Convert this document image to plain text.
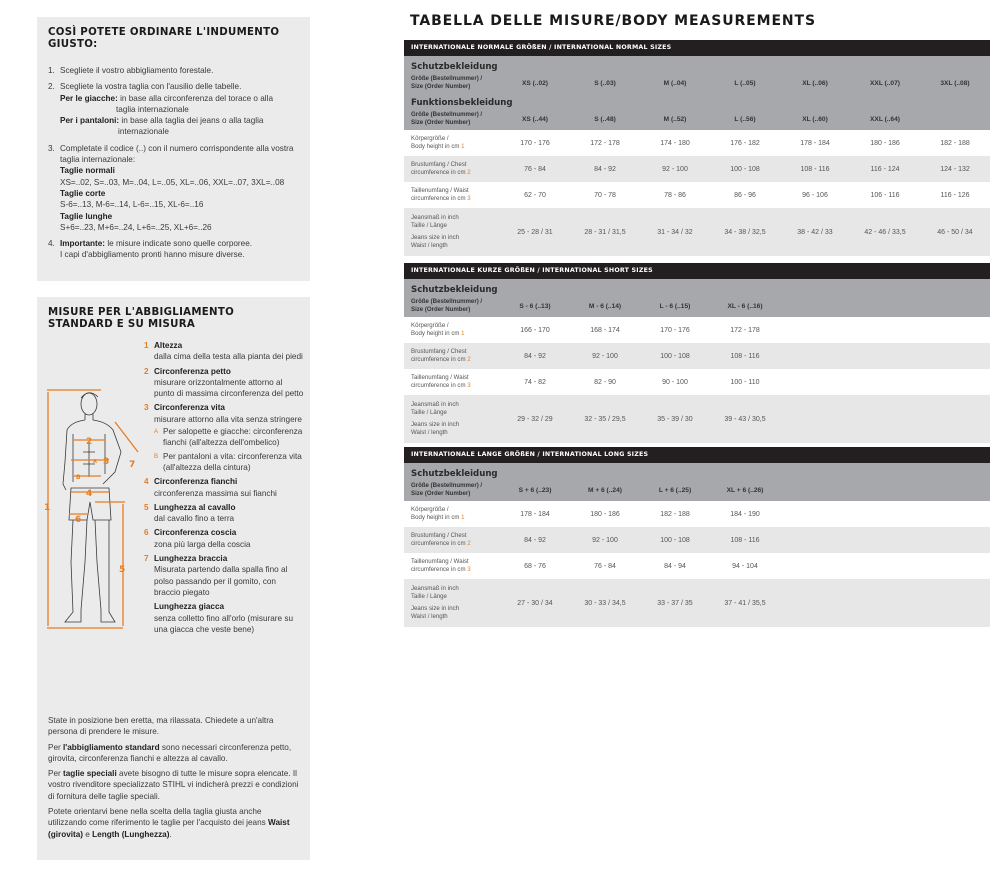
COSÌ POTETE ORDINARE L'INDUMENTO GIUSTO:
1. Scegliete il vostro abbigliamento forestale.
2. Scegliete la vostra taglia con l'ausilio delle tabelle.
Per le giacche: in base alla circonferenza del torace o alla
taglia internazionale
Per i pantaloni: in base alla taglia dei jeans o alla taglia
internazionale
3. Completate il codice (..) con il numero corrispondente alla vostra taglia internazionale:
Taglie normali
XS=..02, S=..03, M=..04, L=..05, XL=..06, XXL=..07, 3XL=..08
Taglie corte
S-6=..13, M-6=..14, L-6=..15, XL-6=..16
Taglie lunghe
S+6=..23, M+6=..24, L+6=..25, XL+6=..26
4. Importante: le misure indicate sono quelle corporee.
I capi d'abbigliamento pronti hanno misure diverse.
MISURE PER L'ABBIGLIAMENTO STANDARD E SU MISURA
1
2
3
4
5
6
7
A
B
1 Altezza
dalla cima della testa alla pianta dei piedi
2 Circonferenza petto
misurare orizzontalmente attorno al punto di massima circonferenza del petto
3 Circonferenza vita
misurare attorno alla vita senza stringere
A Per salopette e giacche: circonferenza fianchi (all'altezza dell'ombelico)
B Per pantaloni a vita: circonferenza vita (all'altezza della cintura)
4 Circonferenza fianchi
circonferenza massima sui fianchi
5 Lunghezza al cavallo
dal cavallo fino a terra
6 Circonferenza coscia
zona più larga della coscia
7 Lunghezza braccia
Misurata partendo dalla spalla fino al polso passando per il gomito, con braccio piegato
Lunghezza giacca
senza colletto fino all'orlo (misurare su una giacca che veste bene)

State in posizione ben eretta, ma rilassata. Chiedete a un'altra persona di prendere le misure.

Per l'abbigliamento standard sono necessari circonferenza petto, girovita, circonferenza fianchi e altezza al cavallo.

Per taglie speciali avete bisogno di tutte le misure sopra elencate. Il vostro rivenditore specializzato STIHL vi indicherà prezzi e condizioni di fornitura delle taglie speciali.

Potete orientarvi bene nella scelta della taglia giusta anche utilizzando come riferimento le taglie per l'acquisto dei jeans Waist (girovita) e Length (Lunghezza).

TABELLA DELLE MISURE/BODY MEASUREMENTS
INTERNATIONALE NORMALE GRÖßEN / INTERNATIONAL NORMAL SIZES
Schutzbekleidung
Größe (Bestellnummer) /
Size (Order Number)	XS (..02)	S (..03)	M (..04)	L (..05)	XL (..06)	XXL (..07)	3XL (..08)
Funktionsbekleidung
Größe (Bestellnummer) /
Size (Order Number)	XS (..44)	S (..48)	M (..52)	L (..56)	XL (..60)	XXL (..64)
Körpergröße /
Body height in cm 1	170 - 176	172 - 178	174 - 180	176 - 182	178 - 184	180 - 186	182 - 188
Brustumfang / Chest
circumference in cm 2	76 - 84	84 - 92	92 - 100	100 - 108	108 - 116	116 - 124	124 - 132
Taillenumfang / Waist
circumference in cm 3	62 - 70	70 - 78	78 - 86	86 - 96	96 - 106	106 - 116	116 - 126

Jeansmaß in inch

Taille / Länge

Jeans size in inch

Waist / length

25 - 28 / 31	28 - 31 / 31,5	31 - 34 / 32	34 - 38 / 32,5	38 - 42 / 33	42 - 46 / 33,5	46 - 50 / 34
INTERNATIONALE KURZE GRÖßEN / INTERNATIONAL SHORT SIZES
Schutzbekleidung
Größe (Bestellnummer) /
Size (Order Number)	S - 6 (..13)	M - 6 (..14)	L - 6 (..15)	XL - 6 (..16)
Körpergröße /
Body height in cm 1	166 - 170	168 - 174	170 - 176	172 - 178
Brustumfang / Chest
circumference in cm 2	84 - 92	92 - 100	100 - 108	108 - 116
Taillenumfang / Waist
circumference in cm 3	74 - 82	82 - 90	90 - 100	100 - 110

Jeansmaß in inch

Taille / Länge

Jeans size in inch

Waist / length

29 - 32 / 29	32 - 35 / 29,5	35 - 39 / 30	39 - 43 / 30,5
INTERNATIONALE LANGE GRÖßEN / INTERNATIONAL LONG SIZES
Schutzbekleidung
Größe (Bestellnummer) /
Size (Order Number)	S + 6 (..23)	M + 6 (..24)	L + 6 (..25)	XL + 6 (..26)
Körpergröße /
Body height in cm 1	178 - 184	180 - 186	182 - 188	184 - 190
Brustumfang / Chest
circumference in cm 2	84 - 92	92 - 100	100 - 108	108 - 116
Taillenumfang / Waist
circumference in cm 3	68 - 76	76 - 84	84 - 94	94 - 104

Jeansmaß in inch

Taille / Länge

Jeans size in inch

Waist / length

27 - 30 / 34	30 - 33 / 34,5	33 - 37 / 35	37 - 41 / 35,5
